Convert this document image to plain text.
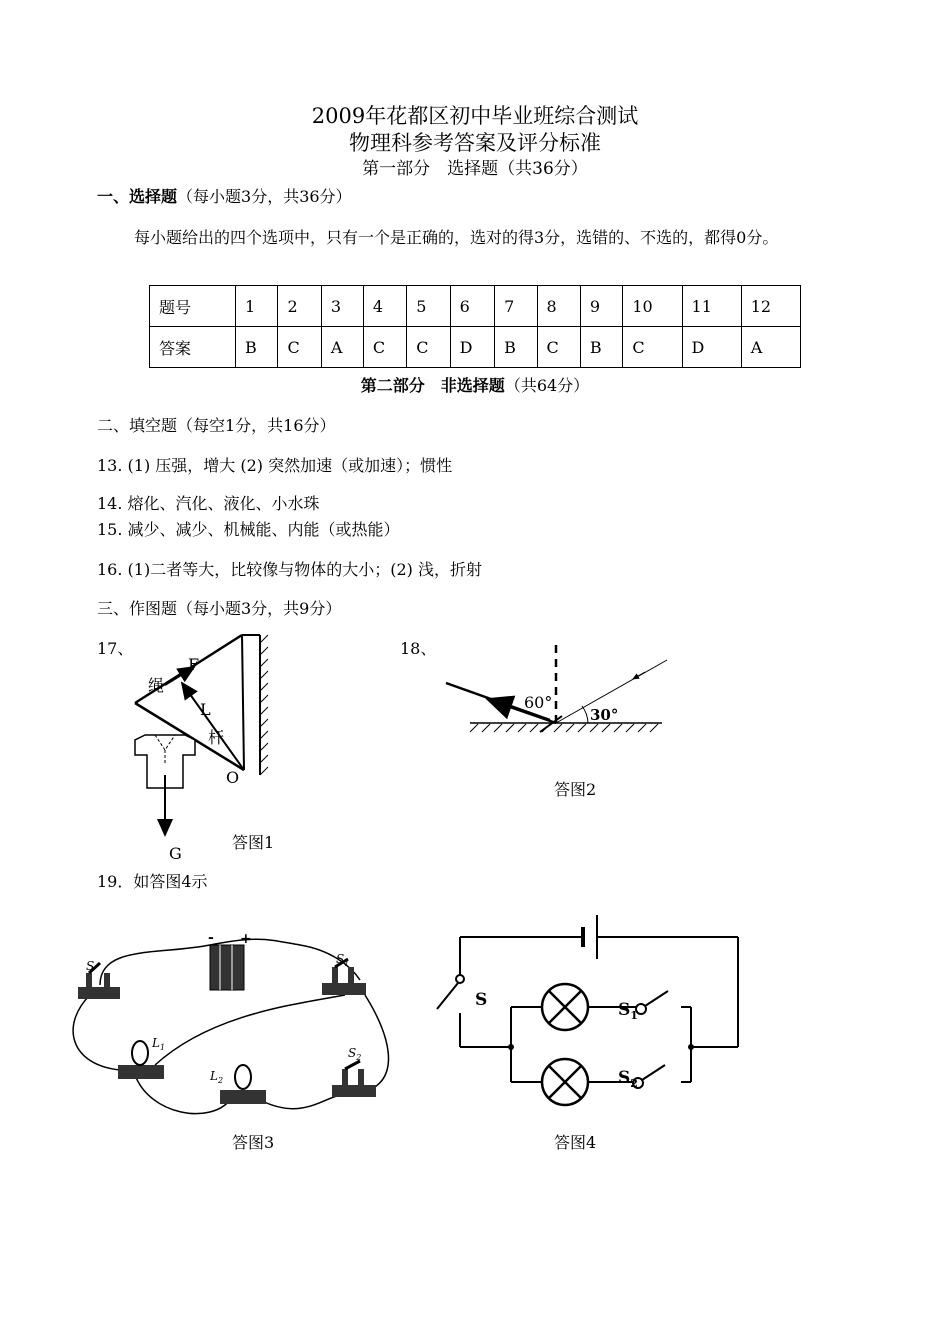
2009年花都区初中毕业班综合测试
物理科参考答案及评分标准
第一部分　选择题（共36分）
一、选择题（每小题3分，共36分）
每小题给出的四个选项中，只有一个是正确的，选对的得3分，选错的、不选的，都得0分。
题号	1	2	3	4	5	6	7	8	9	10	11	12
答案	B	C	A	C	C	D	B	C	B	C	D	A
第二部分　非选择题（共64分）
二、填空题（每空1分，共16分）
13. (1) 压强，增大 (2) 突然加速（或加速）；惯性
14. 熔化、汽化、液化、小水珠
15. 减少、减少、机械能、内能（或热能）
16. (1)二者等大，比较像与物体的大小；(2) 浅，折射
三、作图题（每小题3分，共9分）
17、	18、
F
绳
L
杆
O
G
答图1
60°
30°
答图2
19．如答图4示
- +
S	$S_1$
$L_1$
$L_2$
$S_2$
答图3
S	$S_1$
$S_2$
答图4
